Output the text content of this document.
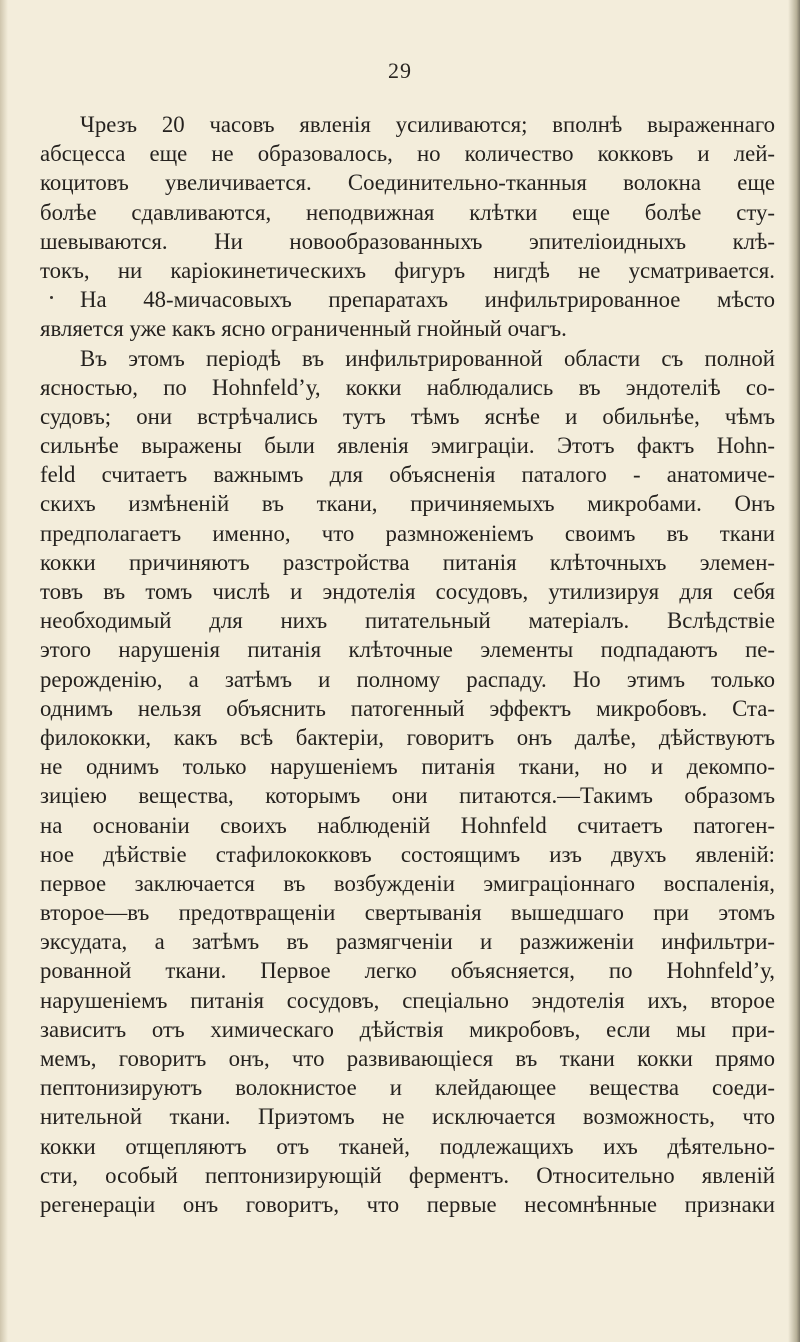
29
Чрезъ 20 часовъ явленія усиливаются; вполнѣ выраженнаго
абсцесса еще не образовалось, но количество кокковъ и лей-
коцитовъ увеличивается. Соединительно-тканныя волокна еще
болѣе сдавливаются, неподвижная клѣтки еще болѣе сту-
шевываются. Ни новообразованныхъ эпителіоидныхъ клѣ-
токъ, ни каріокинетическихъ фигуръ нигдѣ не усматривается.
На 48-мичасовыхъ препаратахъ инфильтрированное мѣсто
является уже какъ ясно ограниченный гнойный очагъ.
Въ этомъ періодѣ въ инфильтрированной области съ полной
ясностью, по Hohnfeld’у, кокки наблюдались въ эндотеліѣ со-
судовъ; они встрѣчались тутъ тѣмъ яснѣе и обильнѣе, чѣмъ
сильнѣе выражены были явленія эмиграціи. Этотъ фактъ Hohn-
feld считаетъ важнымъ для объясненія паталого - анатомиче-
скихъ измѣненій въ ткани, причиняемыхъ микробами. Онъ
предполагаетъ именно, что размноженіемъ своимъ въ ткани
кокки причиняютъ разстройства питанія клѣточныхъ элемен-
товъ въ томъ числѣ и эндотелія сосудовъ, утилизируя для себя
необходимый для нихъ питательный матеріалъ. Вслѣдствіе
этого нарушенія питанія клѣточные элементы подпадаютъ пе-
рерожденію, а затѣмъ и полному распаду. Но этимъ только
однимъ нельзя объяснить патогенный эффектъ микробовъ. Ста-
филококки, какъ всѣ бактеріи, говоритъ онъ далѣе, дѣйствуютъ
не однимъ только нарушеніемъ питанія ткани, но и декомпо-
зиціею вещества, которымъ они питаются.—Такимъ образомъ
на основаніи своихъ наблюденій Hohnfeld считаетъ патоген-
ное дѣйствіе стафилококковъ состоящимъ изъ двухъ явленій:
первое заключается въ возбужденіи эмиграціоннаго воспаленія,
второе—въ предотвращеніи свертыванія вышедшаго при этомъ
эксудата, а затѣмъ въ размягченіи и разжиженіи инфильтри-
рованной ткани. Первое легко объясняется, по Hohnfeld’у,
нарушеніемъ питанія сосудовъ, спеціально эндотелія ихъ, второе
зависитъ отъ химическаго дѣйствія микробовъ, если мы при-
мемъ, говоритъ онъ, что развивающіеся въ ткани кокки прямо
пептонизируютъ волокнистое и клейдающее вещества соеди-
нительной ткани. Приэтомъ не исключается возможность, что
кокки отщепляютъ отъ тканей, подлежащихъ ихъ дѣятельно-
сти, особый пептонизирующій ферментъ. Относительно явленій
регенераціи онъ говоритъ, что первые несомнѣнные признаки
